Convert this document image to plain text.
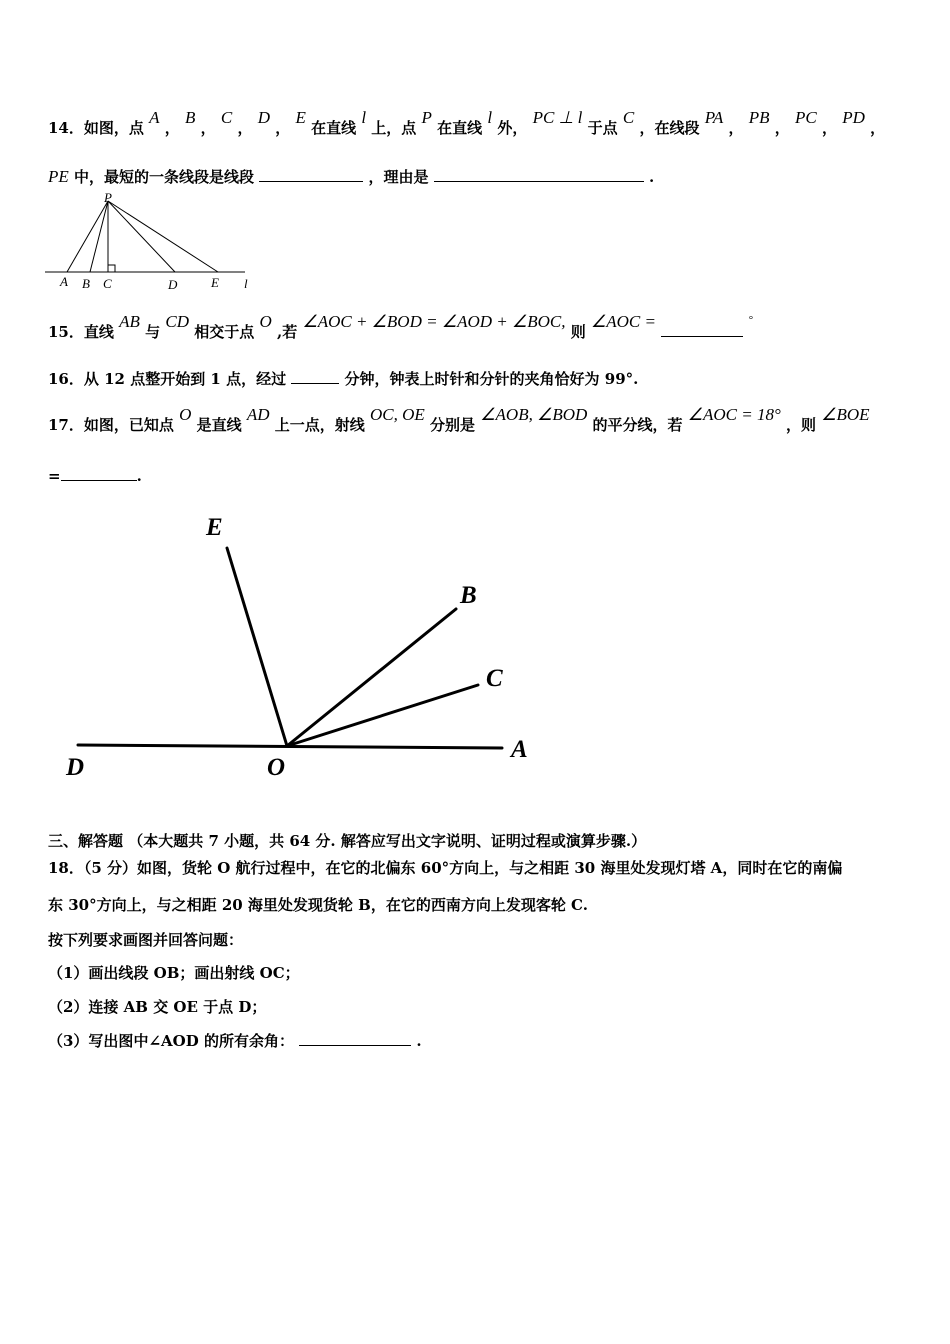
14．如图，点 A ， B ， C ， D ， E 在直线 l 上，点 P 在直线 l 外， PC ⊥ l 于点 C ，在线段 PA ， PB ， PC ， PD ，
PE 中，最短的一条线段是线段	，理由是	.
P
A B C	D	E l
15．直线 AB 与 CD 相交于点 O ,若 ∠AOC + ∠BOD = ∠AOD + ∠BOC, 则 ∠AOC =	°
16．从 12 点整开始到 1 点，经过	分钟，钟表上时针和分针的夹角恰好为 99°.
17．如图，已知点 O 是直线 AD 上一点，射线 OC, OE 分别是 ∠AOB, ∠BOD 的平分线，若 ∠AOC = 18° ，则 ∠BOE
=	.
E
B
C
A
D	O
三、解答题 （本大题共 7 小题，共 64 分. 解答应写出文字说明、证明过程或演算步骤.）
18．（5 分）如图，货轮 O 航行过程中，在它的北偏东 60°方向上，与之相距 30 海里处发现灯塔 A，同时在它的南偏
东 30°方向上，与之相距 20 海里处发现货轮 B，在它的西南方向上发现客轮 C.
按下列要求画图并回答问题：
（1）画出线段 OB；画出射线 OC；
（2）连接 AB 交 OE 于点 D；
（3）写出图中∠AOD 的所有余角：	.
